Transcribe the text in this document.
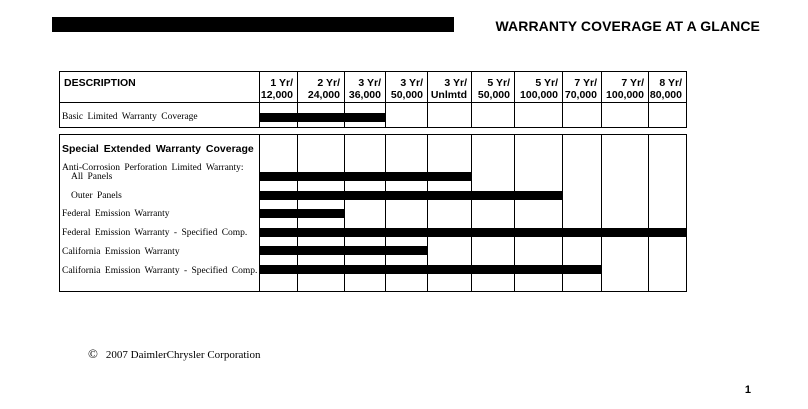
WARRANTY COVERAGE AT A GLANCE
1 Yr/
12,000
2 Yr/
24,000
3 Yr/
36,000
3 Yr/
50,000
3 Yr/
Unlmtd
5 Yr/
50,000
5 Yr/
100,000
7 Yr/
70,000
7 Yr/
100,000
8 Yr/
80,000
DESCRIPTION
Basic Limited Warranty Coverage
Special Extended Warranty Coverage
Anti-Corrosion Perforation Limited Warranty:
All Panels
Outer Panels
Federal Emission Warranty
Federal Emission Warranty - Specified Comp.
California Emission Warranty
California Emission Warranty - Specified Comp.
© 2007 DaimlerChrysler Corporation
1
